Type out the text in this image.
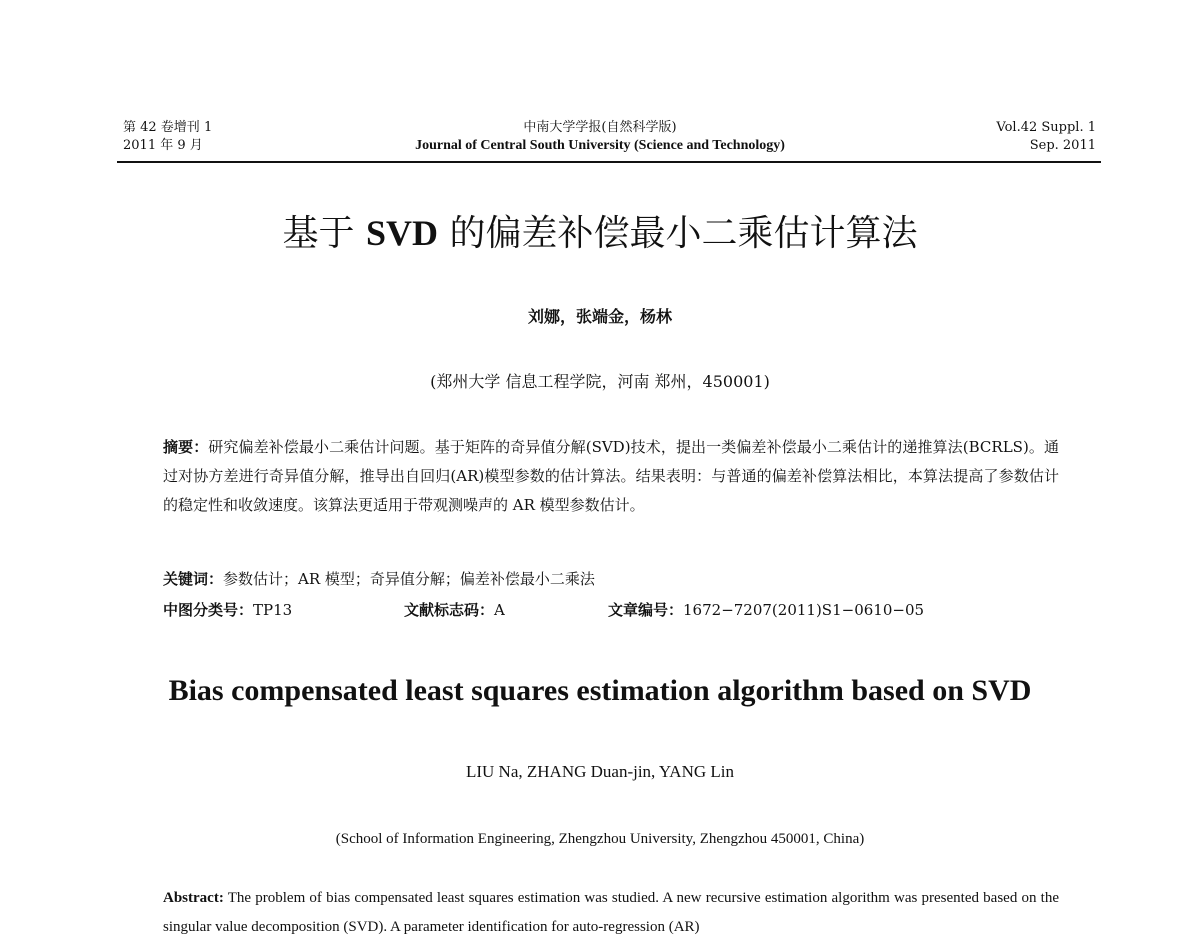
第 42 卷增刊 1
2011 年 9 月
中南大学学报(自然科学版)
Journal of Central South University (Science and Technology)
Vol.42 Suppl. 1
Sep. 2011
基于 SVD 的偏差补偿最小二乘估计算法
刘娜，张端金，杨林
(郑州大学 信息工程学院，河南 郑州，450001)
摘要：研究偏差补偿最小二乘估计问题。基于矩阵的奇异值分解(SVD)技术，提出一类偏差补偿最小二乘估计的递推算法(BCRLS)。通过对协方差进行奇异值分解，推导出自回归(AR)模型参数的估计算法。结果表明：与普通的偏差补偿算法相比，本算法提高了参数估计的稳定性和收敛速度。该算法更适用于带观测噪声的 AR 模型参数估计。
关键词：参数估计；AR 模型；奇异值分解；偏差补偿最小二乘法
中图分类号：TP13	文献标志码：A	文章编号：1672−7207(2011)S1−0610−05
Bias compensated least squares estimation algorithm based on SVD
LIU Na, ZHANG Duan-jin, YANG Lin
(School of Information Engineering, Zhengzhou University, Zhengzhou 450001, China)
Abstract: The problem of bias compensated least squares estimation was studied. A new recursive estimation algorithm was presented based on the singular value decomposition (SVD). A parameter identification for auto-regression (AR)
